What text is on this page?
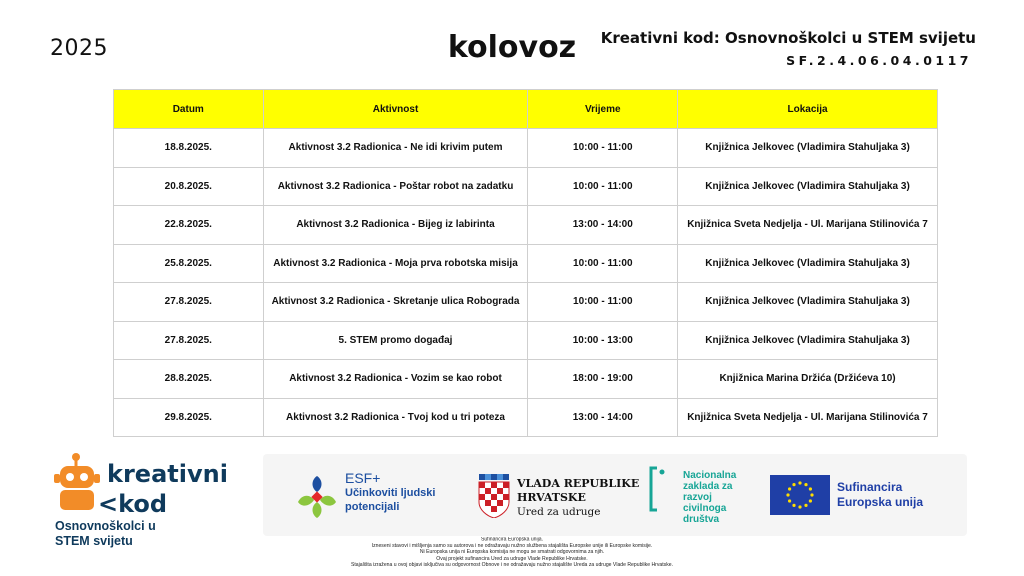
2025	kolovoz	Kreativni kod: Osnovnoškolci u STEM svijetu
SF.2.4.06.04.0117
Datum	Aktivnost	Vrijeme	Lokacija
18.8.2025.	Aktivnost 3.2 Radionica - Ne idi krivim putem	10:00 - 11:00	Knjižnica Jelkovec (Vladimira Stahuljaka 3)
20.8.2025.	Aktivnost 3.2 Radionica - Poštar robot na zadatku	10:00 - 11:00	Knjižnica Jelkovec (Vladimira Stahuljaka 3)
22.8.2025.	Aktivnost 3.2 Radionica - Bijeg iz labirinta	13:00 - 14:00	Knjižnica Sveta Nedjelja - Ul. Marijana Stilinovića 7
25.8.2025.	Aktivnost 3.2 Radionica - Moja prva robotska misija	10:00 - 11:00	Knjižnica Jelkovec (Vladimira Stahuljaka 3)
27.8.2025.	Aktivnost 3.2 Radionica - Skretanje ulica Robograda	10:00 - 11:00	Knjižnica Jelkovec (Vladimira Stahuljaka 3)
27.8.2025.	5. STEM promo događaj	10:00 - 13:00	Knjižnica Jelkovec (Vladimira Stahuljaka 3)
28.8.2025.	Aktivnost 3.2 Radionica - Vozim se kao robot	18:00 - 19:00	Knjižnica Marina Držića (Držićeva 10)
29.8.2025.	Aktivnost 3.2 Radionica - Tvoj kod u tri poteza	13:00 - 14:00	Knjižnica Sveta Nedjelja - Ul. Marijana Stilinovića 7
kreativni
<kod
Osnovnoškolci u
STEM svijetu
ESF+
Učinkoviti ljudski
potencijali
VLADA REPUBLIKE
HRVATSKE
Ured za udruge
Nacionalna
zaklada za
razvoj
civilnoga
društva
Sufinancira
Europska unija
Sufinancira Europska unija.
Izneseni stavovi i mišljenja samo su autorova i ne odražavaju nužno službena stajališta Europske unije ili Europske komisije.
Ni Europska unija ni Europska komisija ne mogu se smatrati odgovornima za njih.
Ovaj projekt sufinancira Ured za udruge Vlade Republike Hrvatske.
Stajališta izražena u ovoj objavi isključiva su odgovornost Obnove i ne odražavaju nužno stajalište Ureda za udruge Vlade Republike Hrvatske.
